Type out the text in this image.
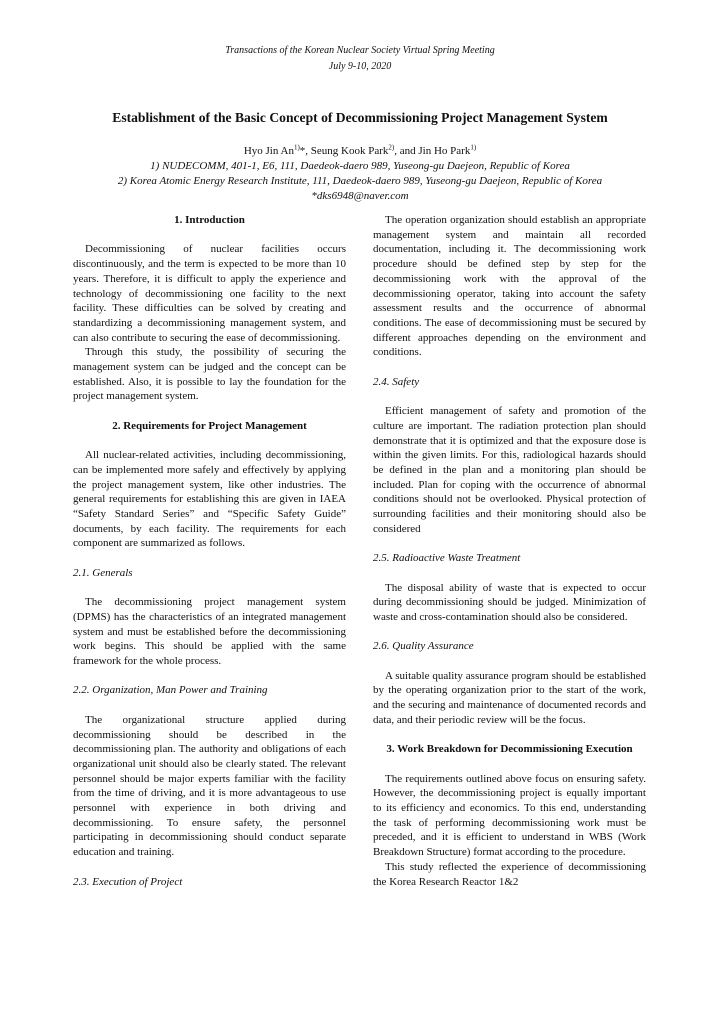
Transactions of the Korean Nuclear Society Virtual Spring Meeting
July 9-10, 2020
Establishment of the Basic Concept of Decommissioning Project Management System
Hyo Jin An$^{1)}$*, Seung Kook Park$^{2)}$, and Jin Ho Park$^{1)}$
1) NUDECOMM, 401-1, E6, 111, Daedeok-daero 989, Yuseong-gu Daejeon, Republic of Korea
2) Korea Atomic Energy Research Institute, 111, Daedeok-daero 989, Yuseong-gu Daejeon, Republic of Korea
*dks6948@naver.com

1. Introduction

Decommissioning of nuclear facilities occurs discontinuously, and the term is expected to be more than 10 years. Therefore, it is difficult to apply the experience and technology of decommissioning one facility to the next facility. These difficulties can be solved by creating and standardizing a decommissioning management system, and can also contribute to securing the ease of decommissioning.

Through this study, the possibility of securing the management system can be judged and the concept can be established. Also, it is possible to lay the foundation for the project management system.

2. Requirements for Project Management

All nuclear-related activities, including decommissioning, can be implemented more safely and effectively by applying the project management system, like other industries. The general requirements for establishing this are given in IAEA “Safety Standard Series” and “Specific Safety Guide” documents, by each facility. The requirements for each component are summarized as follows.

2.1. Generals

The decommissioning project management system (DPMS) has the characteristics of an integrated management system and must be established before the decommissioning work begins. This should be applied with the same framework for the whole process.

2.2. Organization, Man Power and Training

The organizational structure applied during decommissioning should be described in the decommissioning plan. The authority and obligations of each organizational unit should also be clearly stated. The relevant personnel should be major experts familiar with the facility from the time of driving, and it is more advantageous to use personnel with experience in both driving and decommissioning. To ensure safety, the personnel participating in decommissioning should conduct separate education and training.

2.3. Execution of Project

The operation organization should establish an appropriate management system and maintain all recorded documentation, including it. The decommissioning work procedure should be defined step by step for the decommissioning work with the approval of the decommissioning operator, taking into account the safety assessment results and the occurrence of abnormal conditions. The ease of decommissioning must be secured by different approaches depending on the environment and conditions.

2.4. Safety

Efficient management of safety and promotion of the culture are important. The radiation protection plan should demonstrate that it is optimized and that the exposure dose is within the given limits. For this, radiological hazards should be defined in the plan and a monitoring plan should be included. Plan for coping with the occurrence of abnormal conditions should not be overlooked. Physical protection of surrounding facilities and their monitoring should also be considered

2.5. Radioactive Waste Treatment

The disposal ability of waste that is expected to occur during decommissioning should be judged. Minimization of waste and cross-contamination should also be considered.

2.6. Quality Assurance

A suitable quality assurance program should be established by the operating organization prior to the start of the work, and the securing and maintenance of documented records and data, and their periodic review will be the focus.

3. Work Breakdown for Decommissioning Execution

The requirements outlined above focus on ensuring safety. However, the decommissioning project is equally important to its efficiency and economics. To this end, understanding the task of performing decommissioning work must be preceded, and it is efficient to understand in WBS (Work Breakdown Structure) format according to the procedure.

This study reflected the experience of decommissioning the Korea Research Reactor 1&2
